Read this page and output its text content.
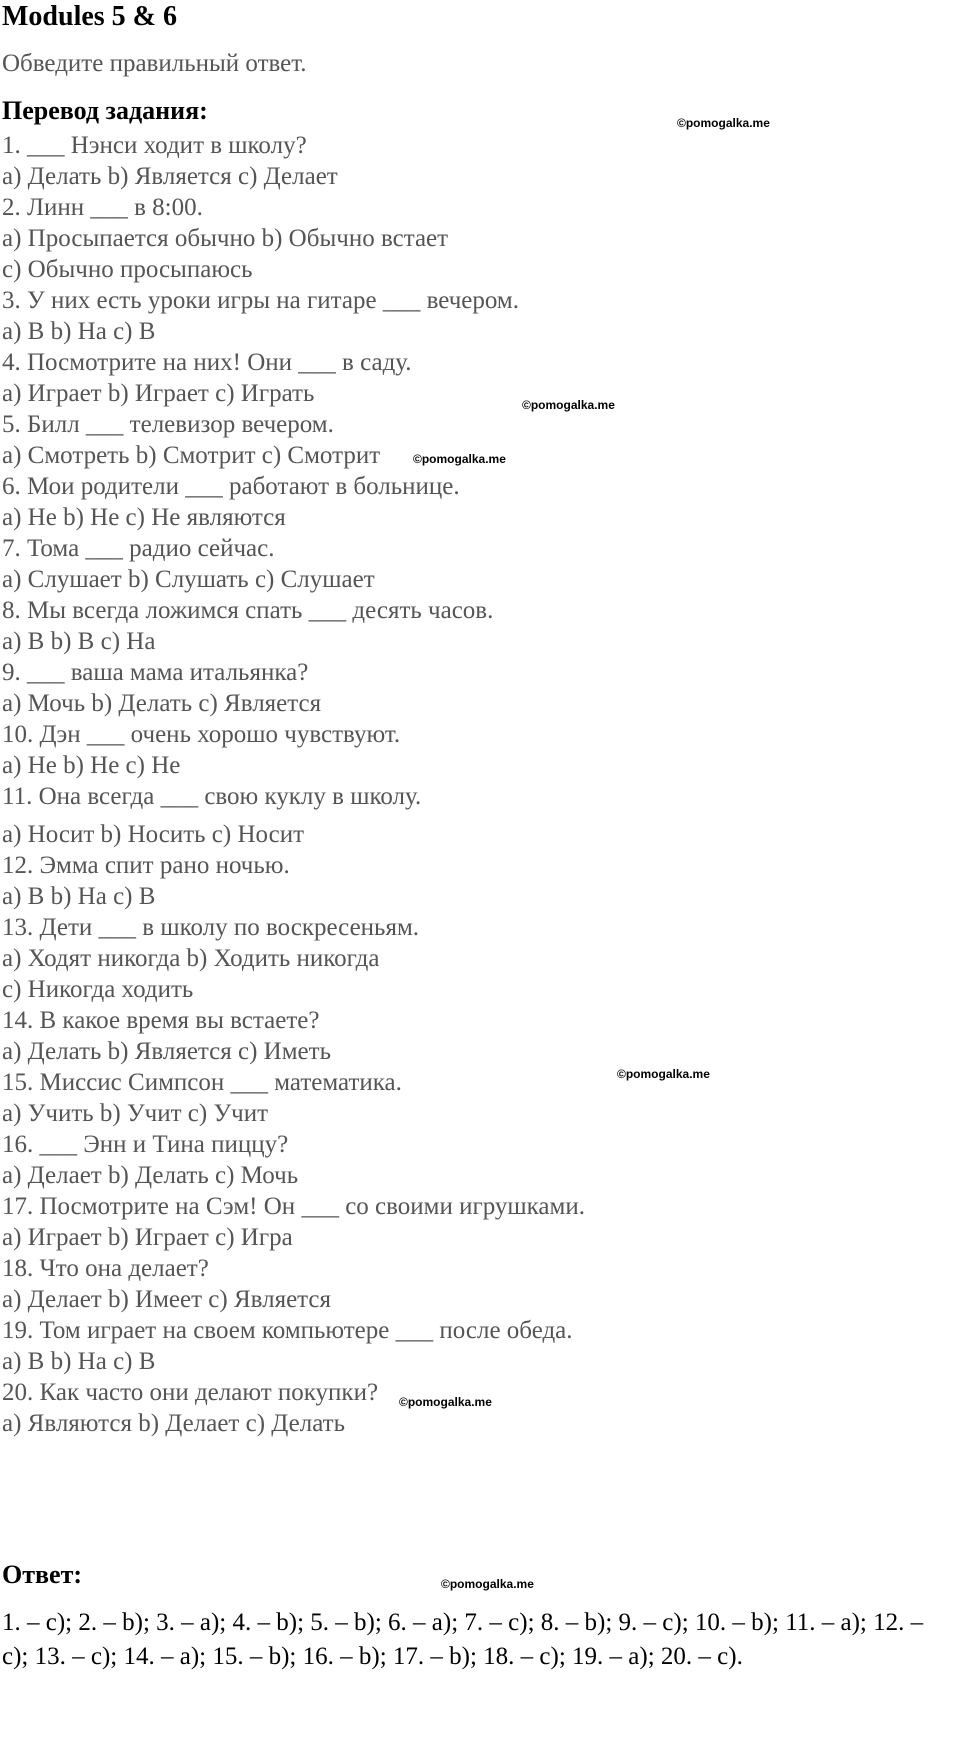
Modules 5 & 6
Обведите правильный ответ.
Перевод задания:
1. ___ Нэнси ходит в школу?
а) Делать b) Является с) Делает
2. Линн ___ в 8:00.
а) Просыпается обычно b) Обычно встает
с) Обычно просыпаюсь
3. У них есть уроки игры на гитаре ___ вечером.
а) В b) На с) В
4. Посмотрите на них! Они ___ в саду.
а) Играет b) Играет с) Играть
5. Билл ___ телевизор вечером.
а) Смотреть b) Смотрит с) Смотрит
6. Мои родители ___ работают в больнице.
а) Не b) Не с) Не являются
7. Тома ___ радио сейчас.
а) Слушает b) Слушать с) Слушает
8. Мы всегда ложимся спать ___ десять часов.
а) В b) В с) На
9. ___ ваша мама итальянка?
а) Мочь b) Делать с) Является
10. Дэн ___ очень хорошо чувствуют.
а) Не b) Не с) Не
11. Она всегда ___ свою куклу в школу.
а) Носит b) Носить с) Носит
12. Эмма спит рано ночью.
а) В b) На с) В
13. Дети ___ в школу по воскресеньям.
а) Ходят никогда b) Ходить никогда
с) Никогда ходить
14. В какое время вы встаете?
а) Делать b) Является с) Иметь
15. Миссис Симпсон ___ математика.
а) Учить b) Учит с) Учит
16. ___ Энн и Тина пиццу?
а) Делает b) Делать с) Мочь
17. Посмотрите на Сэм! Он ___ со своими игрушками.
а) Играет b) Играет с) Игра
18. Что она делает?
а) Делает b) Имеет с) Является
19. Том играет на своем компьютере ___ после обеда.
а) В b) На с) В
20. Как часто они делают покупки?
а) Являются b) Делает с) Делать
Ответ:
1. – c); 2. – b); 3. – a); 4. – b); 5. – b); 6. – a); 7. – c); 8. – b); 9. – c); 10. – b); 11. – a); 12. – c); 13. – c); 14. – a); 15. – b); 16. – b); 17. – b); 18. – c); 19. – a); 20. – c).
©pomogalka.me
©pomogalka.me
©pomogalka.me
©pomogalka.me
©pomogalka.me
©pomogalka.me
